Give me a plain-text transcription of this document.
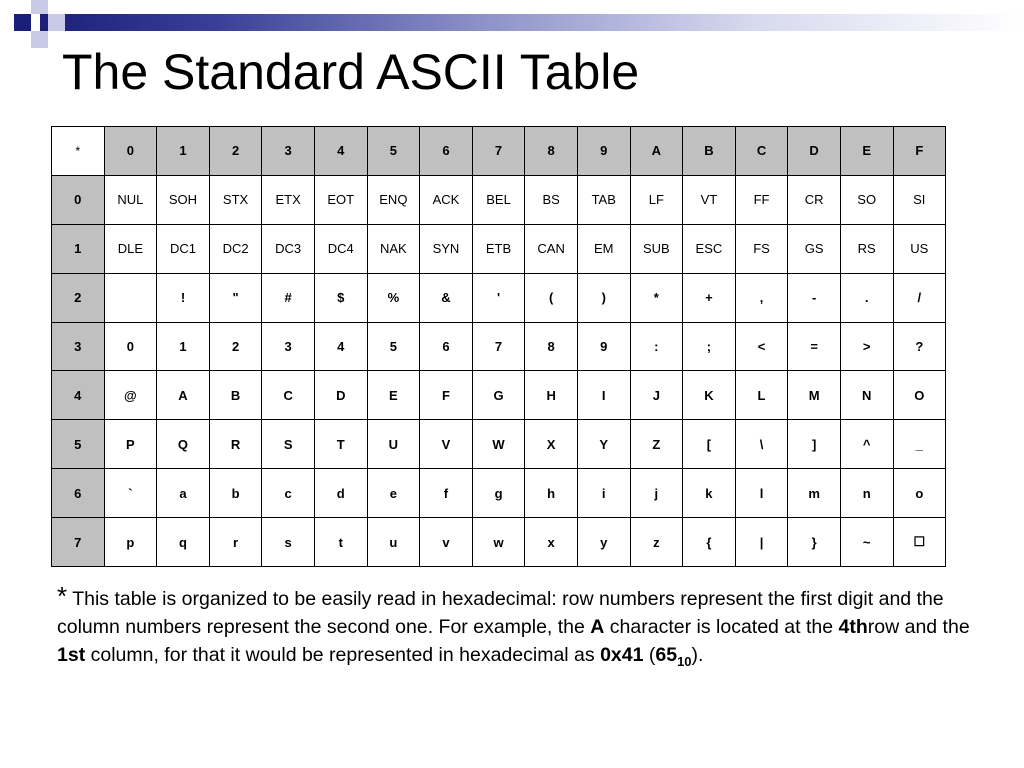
The Standard ASCII Table
*	0	1	2	3	4	5	6	7	8	9	A	B	C	D	E	F
0	NUL	SOH	STX	ETX	EOT	ENQ	ACK	BEL	BS	TAB	LF	VT	FF	CR	SO	SI
1	DLE	DC1	DC2	DC3	DC4	NAK	SYN	ETB	CAN	EM	SUB	ESC	FS	GS	RS	US
2		!	"	#	$	%	&	'	(	)	*	+	,	-	.	/
3	0	1	2	3	4	5	6	7	8	9	:	;	<	=	>	?
4	@	A	B	C	D	E	F	G	H	I	J	K	L	M	N	O
5	P	Q	R	S	T	U	V	W	X	Y	Z	[	\	]	^	_
6	`	a	b	c	d	e	f	g	h	i	j	k	l	m	n	o
7	p	q	r	s	t	u	v	w	x	y	z	{	|	}	~	☐

* This table is organized to be easily read in hexadecimal: row numbers represent the first digit and the column numbers represent the second one. For example, the A character is located at the 4throw and the 1st column, for that it would be represented in hexadecimal as 0x41 $(65_{10})$.
